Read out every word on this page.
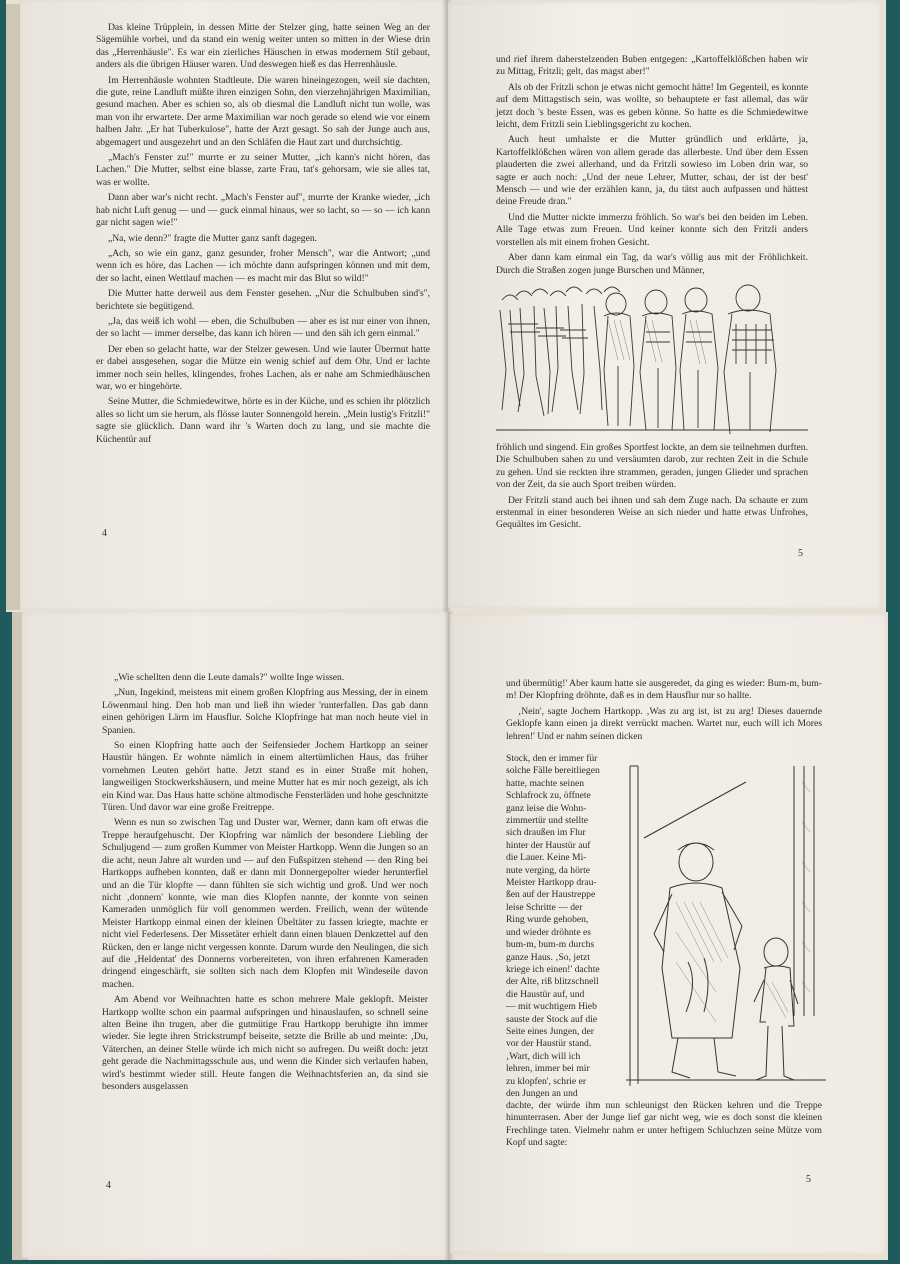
Das kleine Trüpplein, in dessen Mitte der Stelzer ging, hatte seinen Weg an der Sägemühle vorbei, und da stand ein wenig weiter unten so mitten in der Wiese drin das „Herrenhäusle". Es war ein zierliches Häuschen in etwas modernem Stil gebaut, anders als die übrigen Häuser waren. Und deswegen hieß es das Herrenhäusle.

Im Herrenhäusle wohnten Stadtleute. Die waren hineingezogen, weil sie dachten, die gute, reine Landluft müßte ihren einzigen Sohn, den vierzehnjährigen Maximilian, gesund machen. Aber es schien so, als ob diesmal die Landluft nicht tun wolle, was man von ihr erwartete. Der arme Maximilian war noch gerade so elend wie vor einem halben Jahr. „Er hat Tuberkulose", hatte der Arzt gesagt. So sah der Junge auch aus, abgemagert und ausgezehrt und an den Schläfen die Haut zart und durchsichtig.

„Mach's Fenster zu!" murrte er zu seiner Mutter, „ich kann's nicht hören, das Lachen." Die Mutter, selbst eine blasse, zarte Frau, tat's gehorsam, wie sie alles tat, was er wollte.

Dann aber war's nicht recht. „Mach's Fenster auf", murrte der Kranke wieder, „ich hab nicht Luft genug — und — guck einmal hinaus, wer so lacht, so — so — ich kann gar nicht sagen wie!"

„Na, wie denn?" fragte die Mutter ganz sanft dagegen.

„Ach, so wie ein ganz, ganz gesunder, froher Mensch", war die Antwort; „und wenn ich es höre, das Lachen — ich möchte dann aufspringen können und mit dem, der so lacht, einen Wettlauf machen — es macht mir das Blut so wild!"

Die Mutter hatte derweil aus dem Fenster gesehen. „Nur die Schulbuben sind's", berichtete sie begütigend.

„Ja, das weiß ich wohl — eben, die Schulbuben — aber es ist nur einer von ihnen, der so lacht — immer derselbe, das kann ich hören — und den säh ich gern einmal."

Der eben so gelacht hatte, war der Stelzer gewesen. Und wie lauter Übermut hatte er dabei ausgesehen, sogar die Mütze ein wenig schief auf dem Ohr. Und er lachte immer noch sein helles, klingendes, frohes Lachen, als er nahe am Schmiedhäuschen war, wo er hingehörte.

Seine Mutter, die Schmiedewitwe, hörte es in der Küche, und es schien ihr plötzlich alles so licht um sie herum, als flösse lauter Sonnengold herein. „Mein lustig's Fritzli!" sagte sie glücklich. Dann ward ihr 's Warten doch zu lang, und sie machte die Küchentür auf

4

und rief ihrem daherstelzenden Buben entgegen: „Kartoffelklößchen haben wir zu Mittag, Fritzli; gelt, das magst aber!"

Als ob der Fritzli schon je etwas nicht gemocht hätte! Im Gegenteil, es konnte auf dem Mittagstisch sein, was wollte, so behauptete er fast allemal, das wär jetzt doch 's beste Essen, was es geben könne. So hatte es die Schmiedewitwe leicht, dem Fritzli sein Lieblingsgericht zu kochen.

Auch heut umhalste er die Mutter gründlich und erklärte, ja, Kartoffelklößchen wären von allem gerade das allerbeste. Und über dem Essen plauderten die zwei allerhand, und da Fritzli sowieso im Loben drin war, so sagte er auch noch: „Und der neue Lehrer, Mutter, schau, der ist der best' Mensch — und wie der erzählen kann, ja, du tätst auch aufpassen und hättest deine Freude dran."

Und die Mutter nickte immerzu fröhlich. So war's bei den beiden im Leben. Alle Tage etwas zum Freuen. Und keiner konnte sich den Fritzli anders vorstellen als mit einem frohen Gesicht.

Aber dann kam einmal ein Tag, da war's völlig aus mit der Fröhlichkeit. Durch die Straßen zogen junge Burschen und Männer,

fröhlich und singend. Ein großes Sportfest lockte, an dem sie teilnehmen durften. Die Schulbuben sahen zu und versäumten darob, zur rechten Zeit in die Schule zu gehen. Und sie reckten ihre strammen, geraden, jungen Glieder und sprachen von der Zeit, da sie auch Sport treiben würden.

Der Fritzli stand auch bei ihnen und sah dem Zuge nach. Da schaute er zum erstenmal in einer besonderen Weise an sich nieder und hatte etwas Unfrohes, Gequältes im Gesicht.

5

„Wie schellten denn die Leute damals?" wollte Inge wissen.

„Nun, Ingekind, meistens mit einem großen Klopfring aus Messing, der in einem Löwenmaul hing. Den hob man und ließ ihn wieder 'runterfallen. Das gab dann einen gehörigen Lärm im Hausflur. Solche Klopfringe hat man noch heute viel in Spanien.

So einen Klopfring hatte auch der Seifensieder Jochem Hartkopp an seiner Haustür hängen. Er wohnte nämlich in einem altertümlichen Haus, das früher vornehmen Leuten gehört hatte. Jetzt stand es in einer Straße mit hohen, langweiligen Stockwerkshäusern, und meine Mutter hat es mir noch gezeigt, als ich ein Kind war. Das Haus hatte schöne altmodische Fensterläden und hohe geschnitzte Türen. Und davor war eine große Freitreppe.

Wenn es nun so zwischen Tag und Duster war, Werner, dann kam oft etwas die Treppe heraufgehuscht. Der Klopfring war nämlich der besondere Liebling der Schuljugend — zum großen Kummer von Meister Hartkopp. Wenn die Jungen so an die acht, neun Jahre alt wurden und — auf den Fußspitzen stehend — den Ring bei Hartkopps aufheben konnten, daß er dann mit Donnergepolter wieder herunterfiel und an die Tür klopfte — dann fühlten sie sich wichtig und groß. Und wer noch nicht ‚donnern' konnte, wie man dies Klopfen nannte, der konnte von seinen Kameraden unmöglich für voll genommen werden. Freilich, wenn der wütende Meister Hartkopp einmal einen der kleinen Übeltäter zu fassen kriegte, machte er nicht viel Federlesens. Der Missetäter erhielt dann einen blauen Denkzettel auf den Rücken, den er lange nicht vergessen konnte. Darum wurde den Neulingen, die sich auf die ‚Heldentat' des Donnerns vorbereiteten, von ihren erfahrenen Kameraden dringend eingeschärft, sie sollten sich nach dem Klopfen mit Windeseile davon machen.

Am Abend vor Weihnachten hatte es schon mehrere Male geklopft. Meister Hartkopp wollte schon ein paarmal aufspringen und hinauslaufen, so schnell seine alten Beine ihn trugen, aber die gutmütige Frau Hartkopp beruhigte ihn immer wieder. Sie legte ihren Strickstrumpf beiseite, setzte die Brille ab und meinte: ‚Du, Väterchen, an deiner Stelle würde ich mich nicht so aufregen. Du weißt doch: jetzt geht gerade die Nachmittagsschule aus, und wenn die Kinder sich verlaufen haben, wird's bestimmt wieder still. Heute fangen die Weihnachtsferien an, da sind sie besonders ausgelassen

4

und übermütig!' Aber kaum hatte sie ausgeredet, da ging es wieder: Bum-m, bum-m! Der Klopfring dröhnte, daß es in dem Hausflur nur so hallte.

‚Nein', sagte Jochem Hartkopp. ‚Was zu arg ist, ist zu arg! Dieses dauernde Geklopfe kann einen ja direkt verrückt machen. Wartet nur, euch will ich Mores lehren!' Und er nahm seinen dicken

Stock, den er immer für
solche Fälle bereitliegen
hatte, machte seinen
Schlafrock zu, öffnete
ganz leise die Wohn-
zimmertür und stellte
sich draußen im Flur
hinter der Haustür auf
die Lauer. Keine Mi-
nute verging, da hörte
Meister Hartkopp drau-
ßen auf der Haustreppe
leise Schritte — der
Ring wurde gehoben,
und wieder dröhnte es
bum-m, bum-m durchs
ganze Haus. ‚So, jetzt
kriege ich einen!' dachte
der Alte, riß blitzschnell
die Haustür auf, und
— mit wuchtigem Hieb
sauste der Stock auf die
Seite eines Jungen, der
vor der Haustür stand.
‚Wart, dich will ich
lehren, immer bei mir
zu klopfen', schrie er
den Jungen an und

dachte, der würde ihm nun schleunigst den Rücken kehren und die Treppe hinunterrasen. Aber der Junge lief gar nicht weg, wie es doch sonst die kleinen Frechlinge taten. Vielmehr nahm er unter heftigem Schluchzen seine Mütze vom Kopf und sagte:

5
